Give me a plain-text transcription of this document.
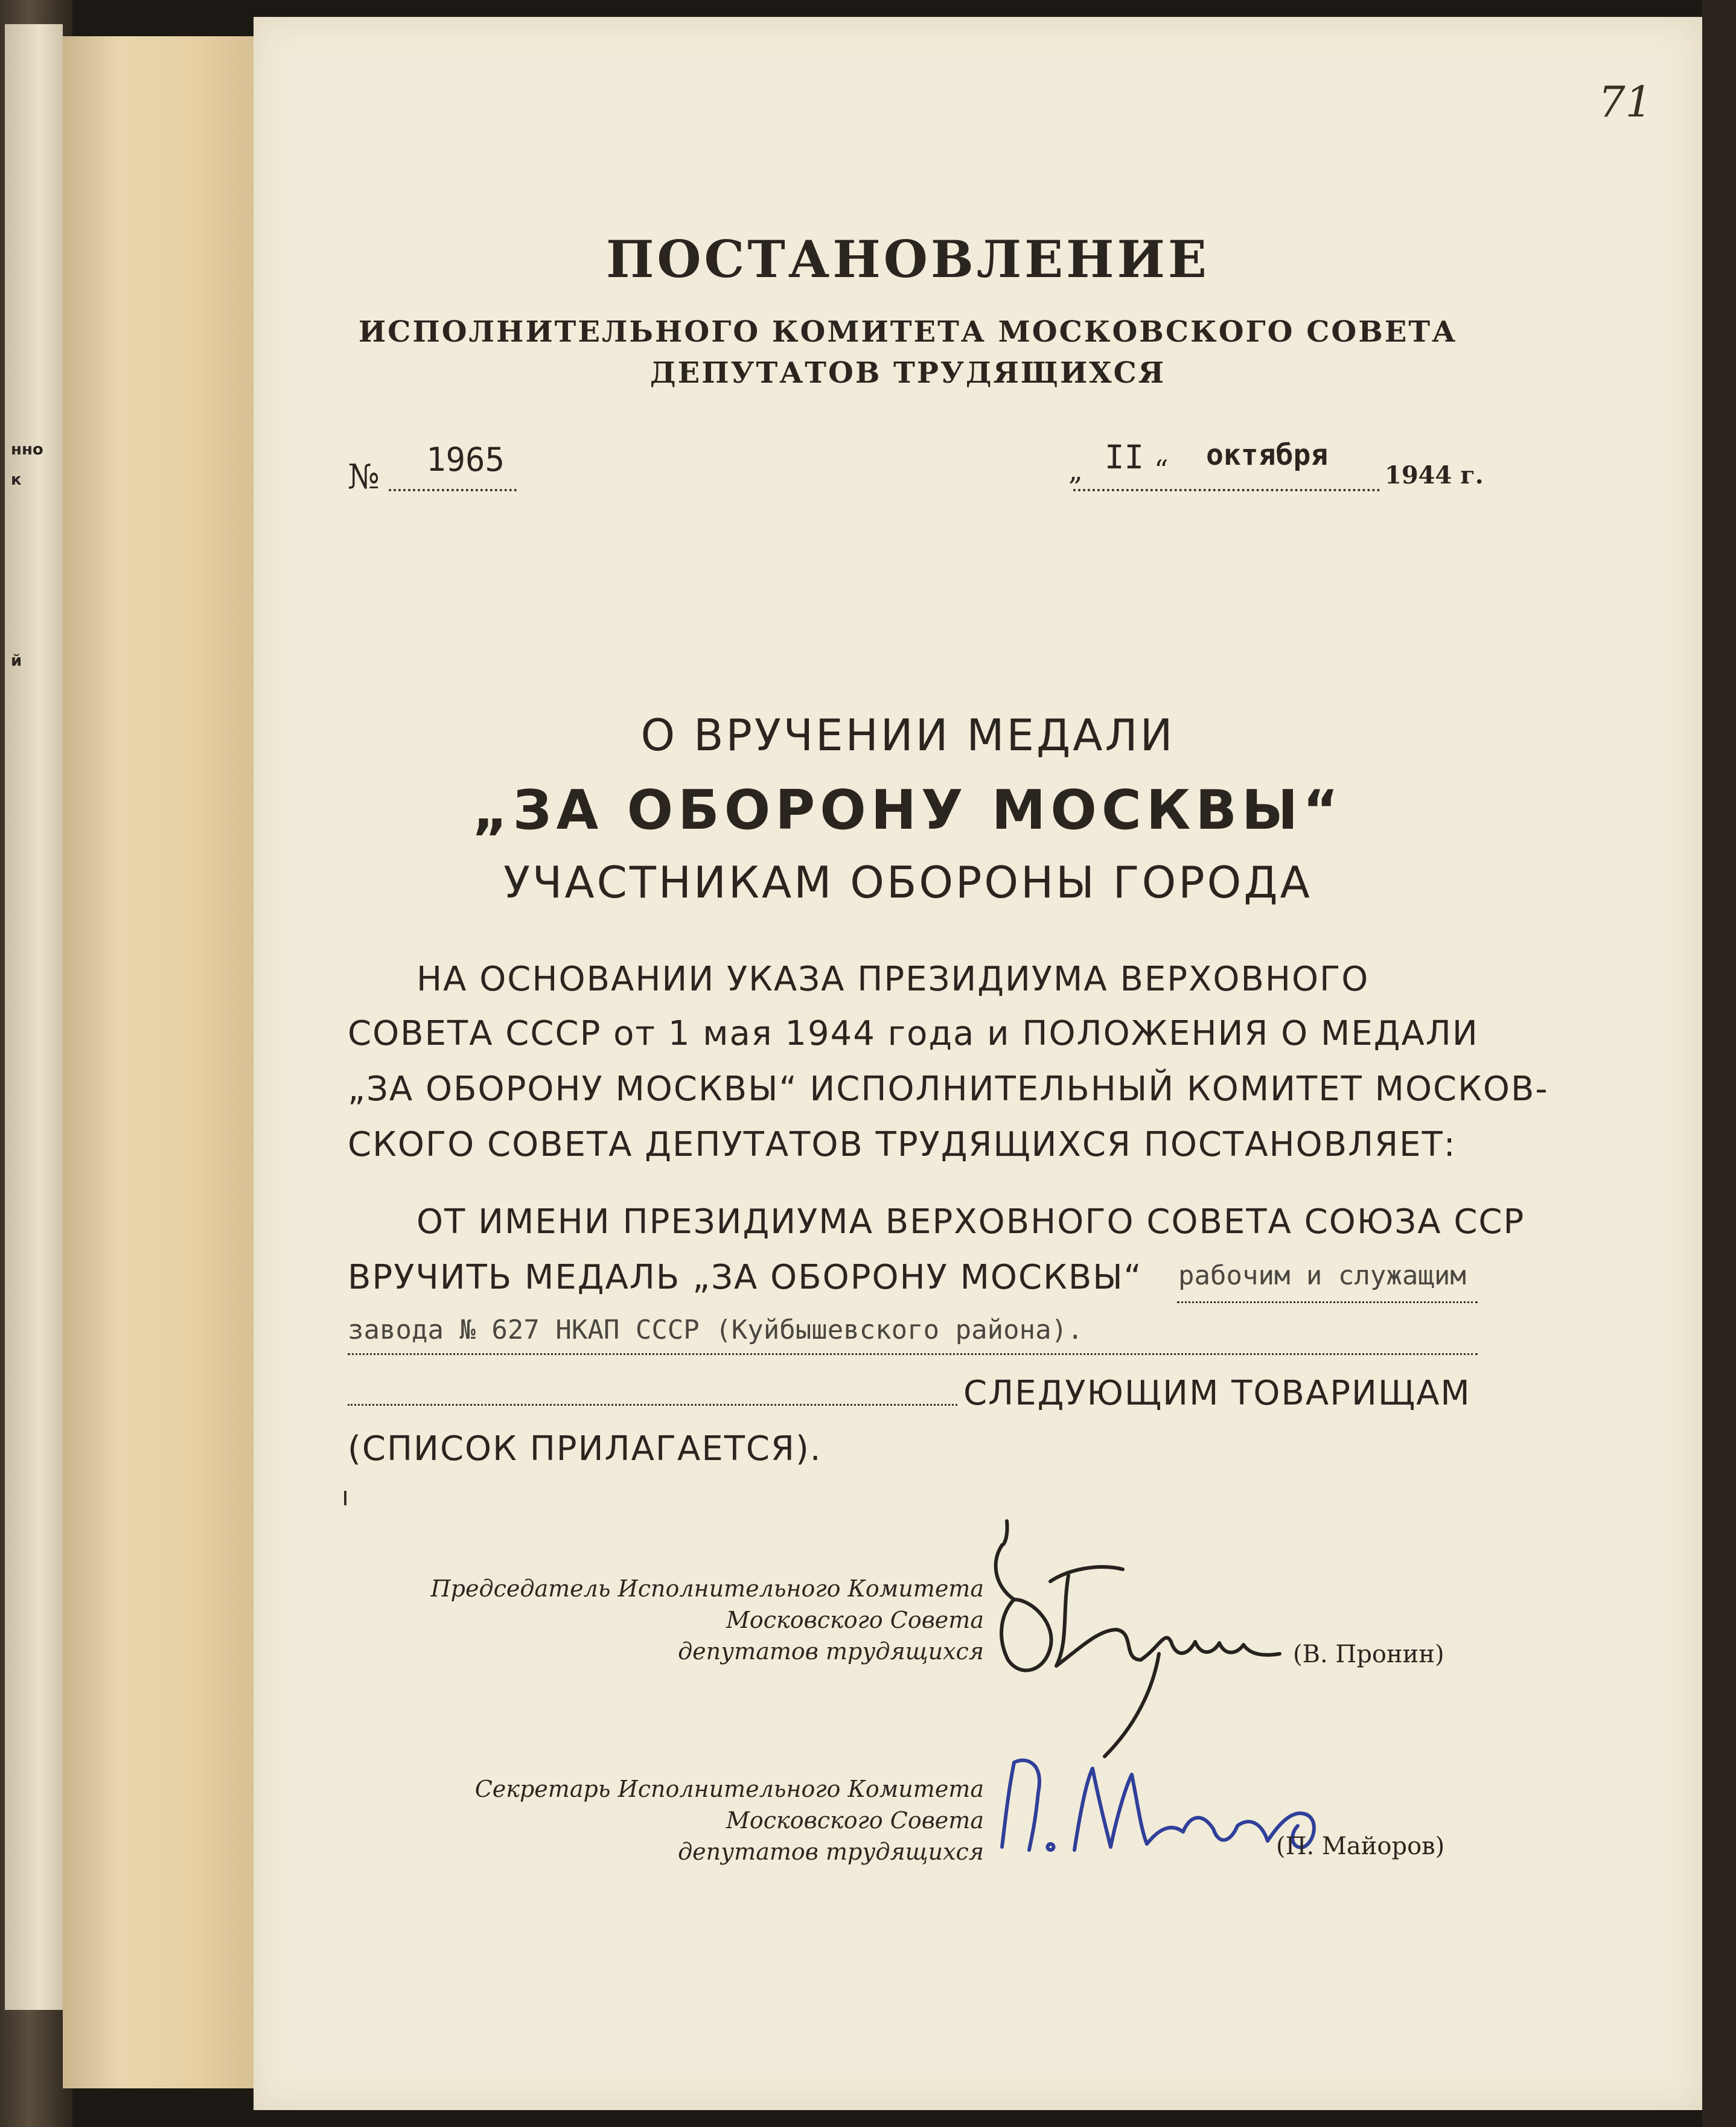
нно
к
й
71
ПОСТАНОВЛЕНИЕ
ИСПОЛНИТЕЛЬНОГО КОМИТЕТА МОСКОВСКОГО СОВЕТА
ДЕПУТАТОВ ТРУДЯЩИХСЯ
№ 1965	„ II “ октября
1944 г.
О ВРУЧЕНИИ МЕДАЛИ
„ЗА ОБОРОНУ МОСКВЫ“
УЧАСТНИКАМ ОБОРОНЫ ГОРОДА
НА ОСНОВАНИИ УКАЗА ПРЕЗИДИУМА ВЕРХОВНОГО
СОВЕТА СССР от 1 мая 1944 года и ПОЛОЖЕНИЯ О МЕДАЛИ
„ЗА ОБОРОНУ МОСКВЫ“ ИСПОЛНИТЕЛЬНЫЙ КОМИТЕТ МОСКОВ-
СКОГО СОВЕТА ДЕПУТАТОВ ТРУДЯЩИХСЯ ПОСТАНОВЛЯЕТ:
ОТ ИМЕНИ ПРЕЗИДИУМА ВЕРХОВНОГО СОВЕТА СОЮЗА ССР
ВРУЧИТЬ МЕДАЛЬ „ЗА ОБОРОНУ МОСКВЫ“ рабочим и служащим
завода № 627 НКАП СССР (Куйбышевского района).
СЛЕДУЮЩИМ ТОВАРИЩАМ
(СПИСОК ПРИЛАГАЕТСЯ).
Председатель Исполнительного Комитета
Московского Совета
депутатов трудящихся	(В. Пронин)
Секретарь Исполнительного Комитета
Московского Совета
депутатов трудящихся	(П. Майоров)
